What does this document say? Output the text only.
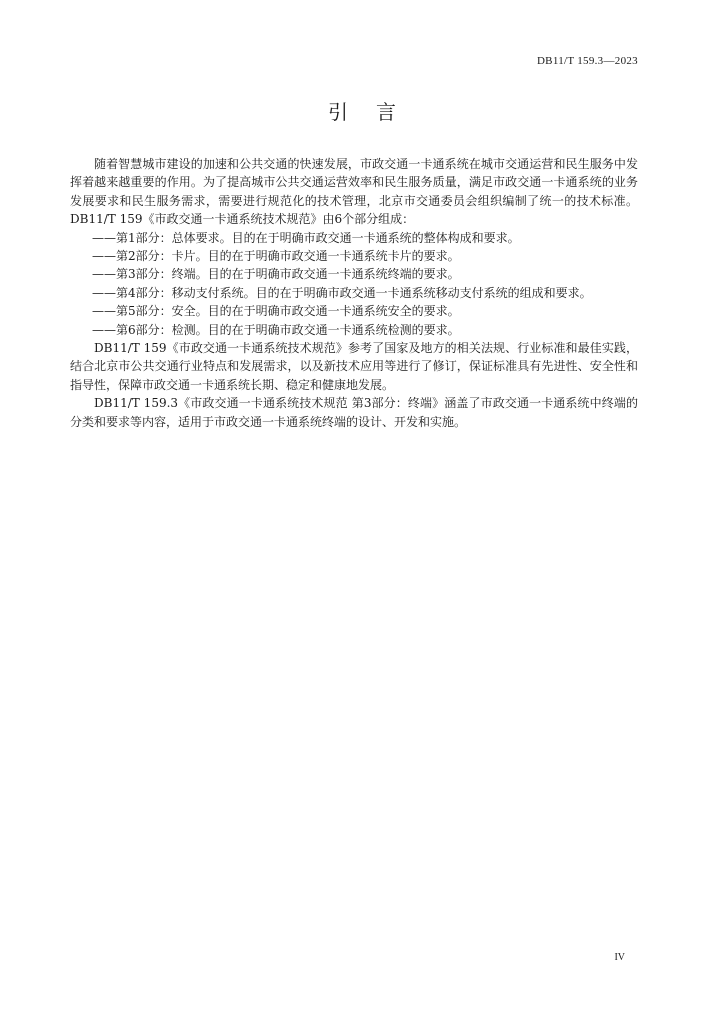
DB11/T 159.3—2023
引言

随着智慧城市建设的加速和公共交通的快速发展，市政交通一卡通系统在城市交通运营和民生服务中发挥着越来越重要的作用。为了提高城市公共交通运营效率和民生服务质量，满足市政交通一卡通系统的业务发展要求和民生服务需求，需要进行规范化的技术管理，北京市交通委员会组织编制了统一的技术标准。DB11/T 159《市政交通一卡通系统技术规范》由6个部分组成：

——第1部分：总体要求。目的在于明确市政交通一卡通系统的整体构成和要求。

——第2部分：卡片。目的在于明确市政交通一卡通系统卡片的要求。

——第3部分：终端。目的在于明确市政交通一卡通系统终端的要求。

——第4部分：移动支付系统。目的在于明确市政交通一卡通系统移动支付系统的组成和要求。

——第5部分：安全。目的在于明确市政交通一卡通系统安全的要求。

——第6部分：检测。目的在于明确市政交通一卡通系统检测的要求。

DB11/T 159《市政交通一卡通系统技术规范》参考了国家及地方的相关法规、行业标准和最佳实践，结合北京市公共交通行业特点和发展需求，以及新技术应用等进行了修订，保证标准具有先进性、安全性和指导性，保障市政交通一卡通系统长期、稳定和健康地发展。

DB11/T 159.3《市政交通一卡通系统技术规范 第3部分：终端》涵盖了市政交通一卡通系统中终端的分类和要求等内容，适用于市政交通一卡通系统终端的设计、开发和实施。

IV
